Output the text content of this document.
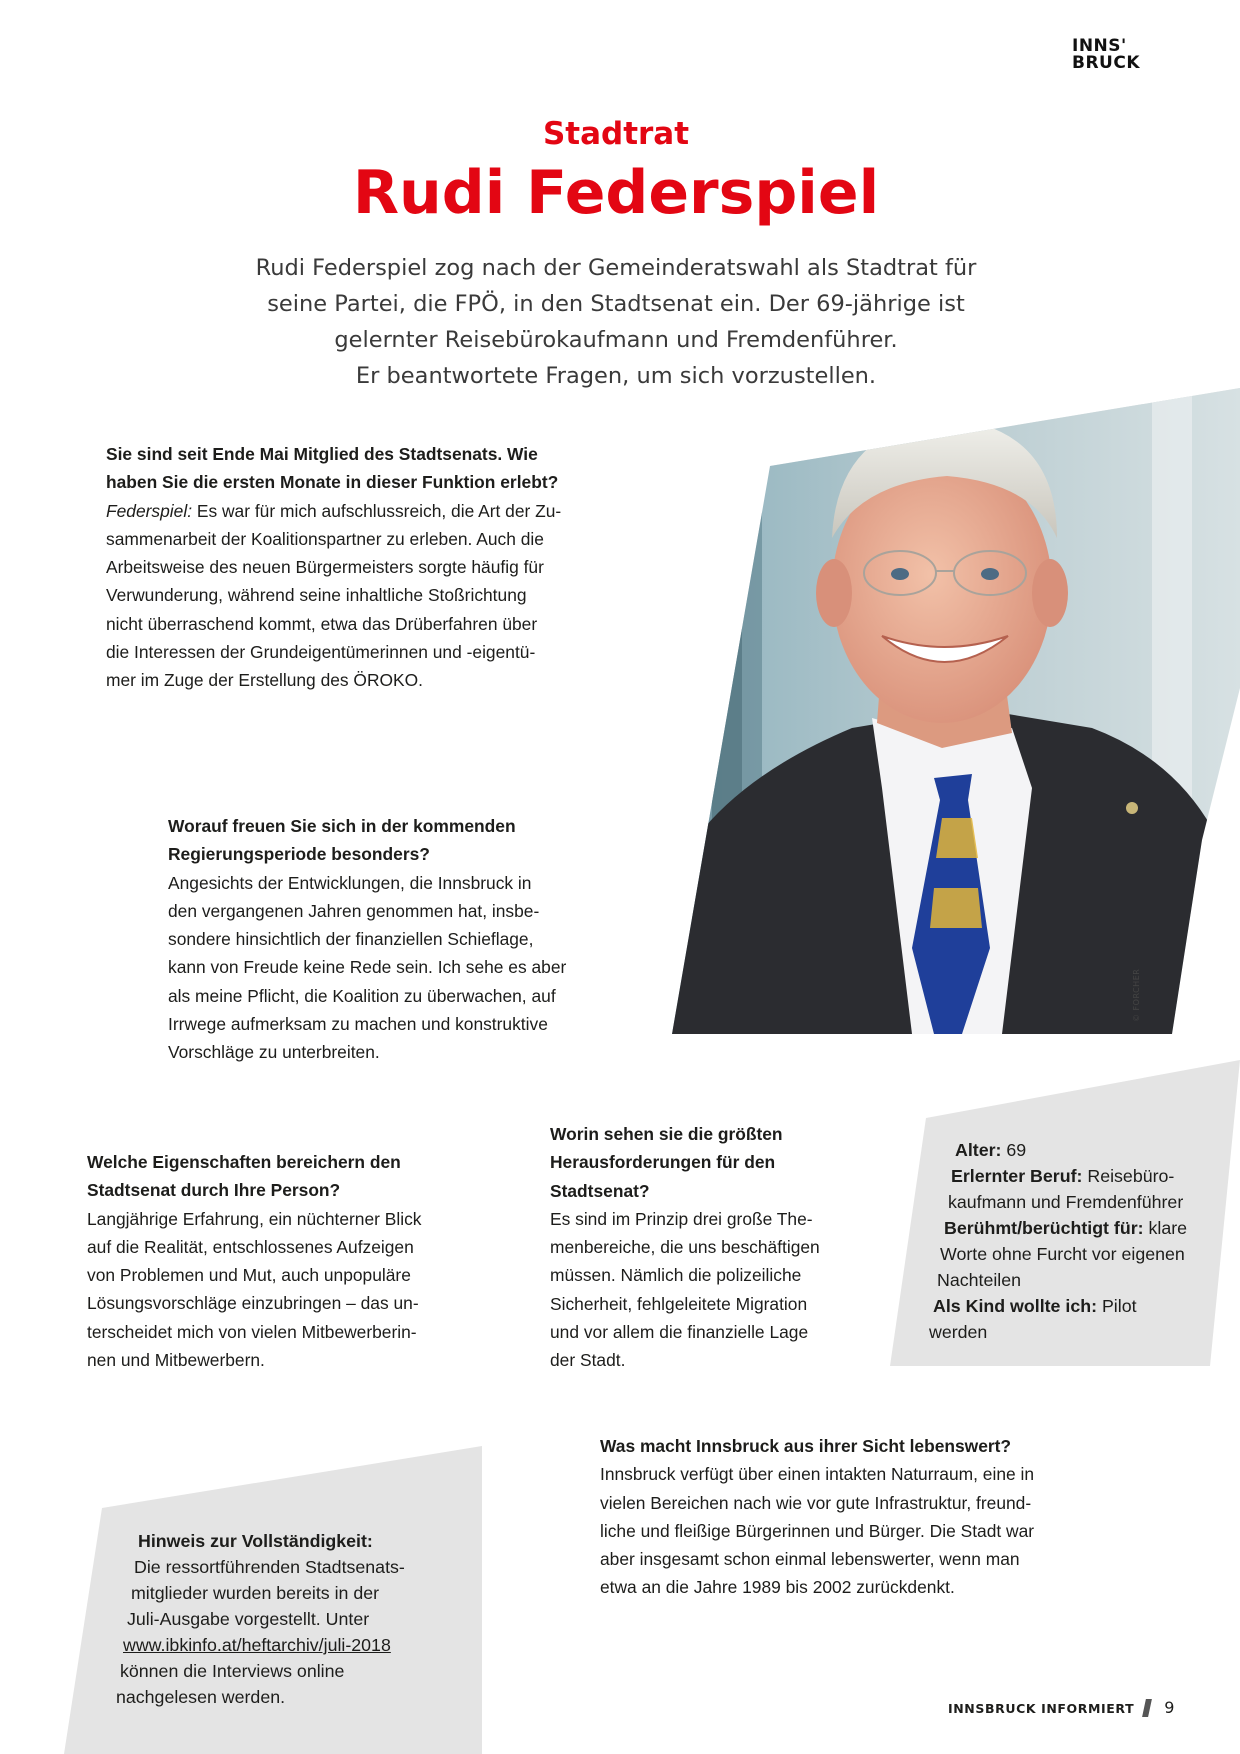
INNS'
BRUCK
Stadtrat
Rudi Federspiel
Rudi Federspiel zog nach der Gemeinderatswahl als Stadtrat für
seine Partei, die FPÖ, in den Stadtsenat ein. Der 69-jährige ist
gelernter Reisebürokaufmann und Fremdenführer.
Er beantwortete Fragen, um sich vorzustellen.
© FORCHER
Sie sind seit Ende Mai Mitglied des Stadtsenats. Wie
haben Sie die ersten Monate in dieser Funktion erlebt?
Federspiel: Es war für mich aufschlussreich, die Art der Zu-
sammenarbeit der Koalitionspartner zu erleben. Auch die
Arbeitsweise des neuen Bürgermeisters sorgte häufig für
Verwunderung, während seine inhaltliche Stoßrichtung
nicht überraschend kommt, etwa das Drüberfahren über
die Interessen der Grundeigentümerinnen und -eigentü-
mer im Zuge der Erstellung des ÖROKO.
Worauf freuen Sie sich in der kommenden
Regierungsperiode besonders?
Angesichts der Entwicklungen, die Innsbruck in
den vergangenen Jahren genommen hat, insbe-
sondere hinsichtlich der finanziellen Schieflage,
kann von Freude keine Rede sein. Ich sehe es aber
als meine Pflicht, die Koalition zu überwachen, auf
Irrwege aufmerksam zu machen und konstruktive
Vorschläge zu unterbreiten.
Welche Eigenschaften bereichern den
Stadtsenat durch Ihre Person?
Langjährige Erfahrung, ein nüchterner Blick
auf die Realität, entschlossenes Aufzeigen
von Problemen und Mut, auch unpopuläre
Lösungsvorschläge einzubringen – das un-
terscheidet mich von vielen Mitbewerberin-
nen und Mitbewerbern.
Worin sehen sie die größten
Herausforderungen für den
Stadtsenat?
Es sind im Prinzip drei große The-
menbereiche, die uns beschäftigen
müssen. Nämlich die polizeiliche
Sicherheit, fehlgeleitete Migration
und vor allem die finanzielle Lage
der Stadt.
Alter: 69
Erlernter Beruf: Reisebüro-
kaufmann und Fremdenführer
Berühmt/berüchtigt für: klare
Worte ohne Furcht vor eigenen
Nachteilen
Als Kind wollte ich: Pilot
werden
Was macht Innsbruck aus ihrer Sicht lebenswert?
Innsbruck verfügt über einen intakten Naturraum, eine in
vielen Bereichen nach wie vor gute Infrastruktur, freund-
liche und fleißige Bürgerinnen und Bürger. Die Stadt war
aber insgesamt schon einmal lebenswerter, wenn man
etwa an die Jahre 1989 bis 2002 zurückdenkt.
Hinweis zur Vollständigkeit:
Die ressortführenden Stadtsenats-
mitglieder wurden bereits in der
Juli-Ausgabe vorgestellt. Unter
www.ibkinfo.at/heftarchiv/juli-2018
können die Interviews online
nachgelesen werden.
INNSBRUCK INFORMIERT 9
